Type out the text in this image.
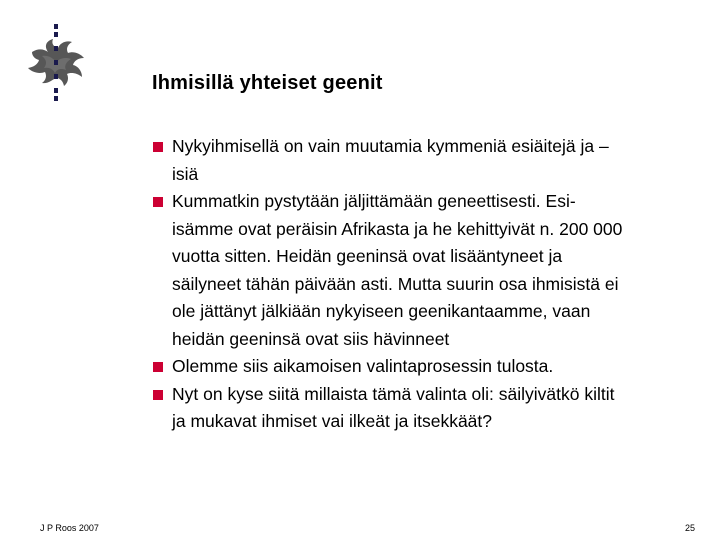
Ihmisillä yhteiset geenit
Nykyihmisellä on vain muutamia kymmeniä esiäitejä ja –
isiä
Kummatkin pystytään jäljittämään geneettisesti. Esi-
isämme ovat peräisin Afrikasta ja he kehittyivät n. 200 000
vuotta sitten. Heidän geeninsä ovat lisääntyneet ja
säilyneet tähän päivään asti. Mutta suurin osa ihmisistä ei
ole jättänyt jälkiään nykyiseen geenikantaamme, vaan
heidän geeninsä ovat siis hävinneet
Olemme siis aikamoisen valintaprosessin tulosta.
Nyt on kyse siitä millaista tämä valinta oli: säilyivätkö kiltit
ja mukavat ihmiset vai ilkeät ja itsekkäät?
J P Roos 2007	25
